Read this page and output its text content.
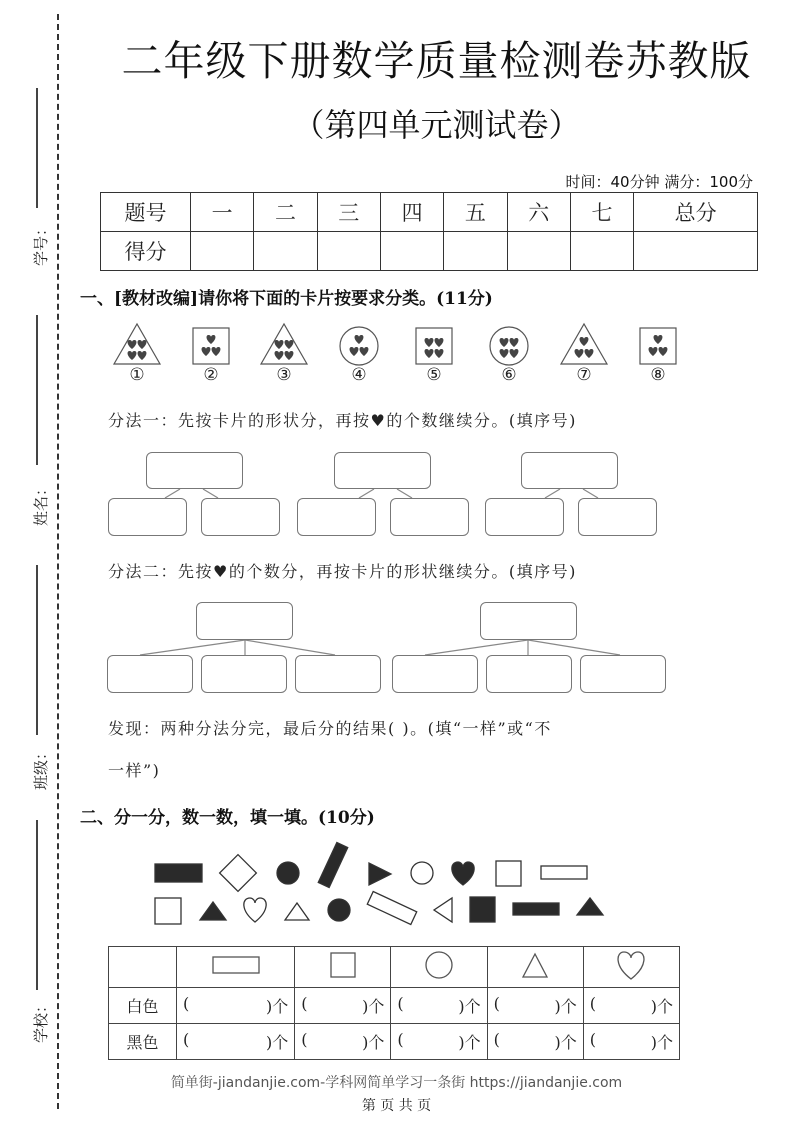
学号：
姓名：
班级：
学校：
二年级下册数学质量检测卷苏教版
（第四单元测试卷）
时间：40分钟 满分：100分
题号	一	二	三	四	五	六	七	总分
得分								
一、[教材改编]请你将下面的卡片按要求分类。(11分)
①	②	③	④	⑤	⑥	⑦	⑧
分法一：先按卡片的形状分，再按♥的个数继续分。(填序号)
分法二：先按♥的个数分，再按卡片的形状继续分。(填序号)
发现：两种分法分完，最后分的结果( )。(填“一样”或“不
一样”)
二、分一分，数一数，填一填。(10分)

白色	( )个	( )个	( )个	( )个	( )个

黑色	( )个	( )个	( )个	( )个	( )个
简单街-jiandanjie.com-学科网简单学习一条街 https://jiandanjie.com
第 页 共 页
